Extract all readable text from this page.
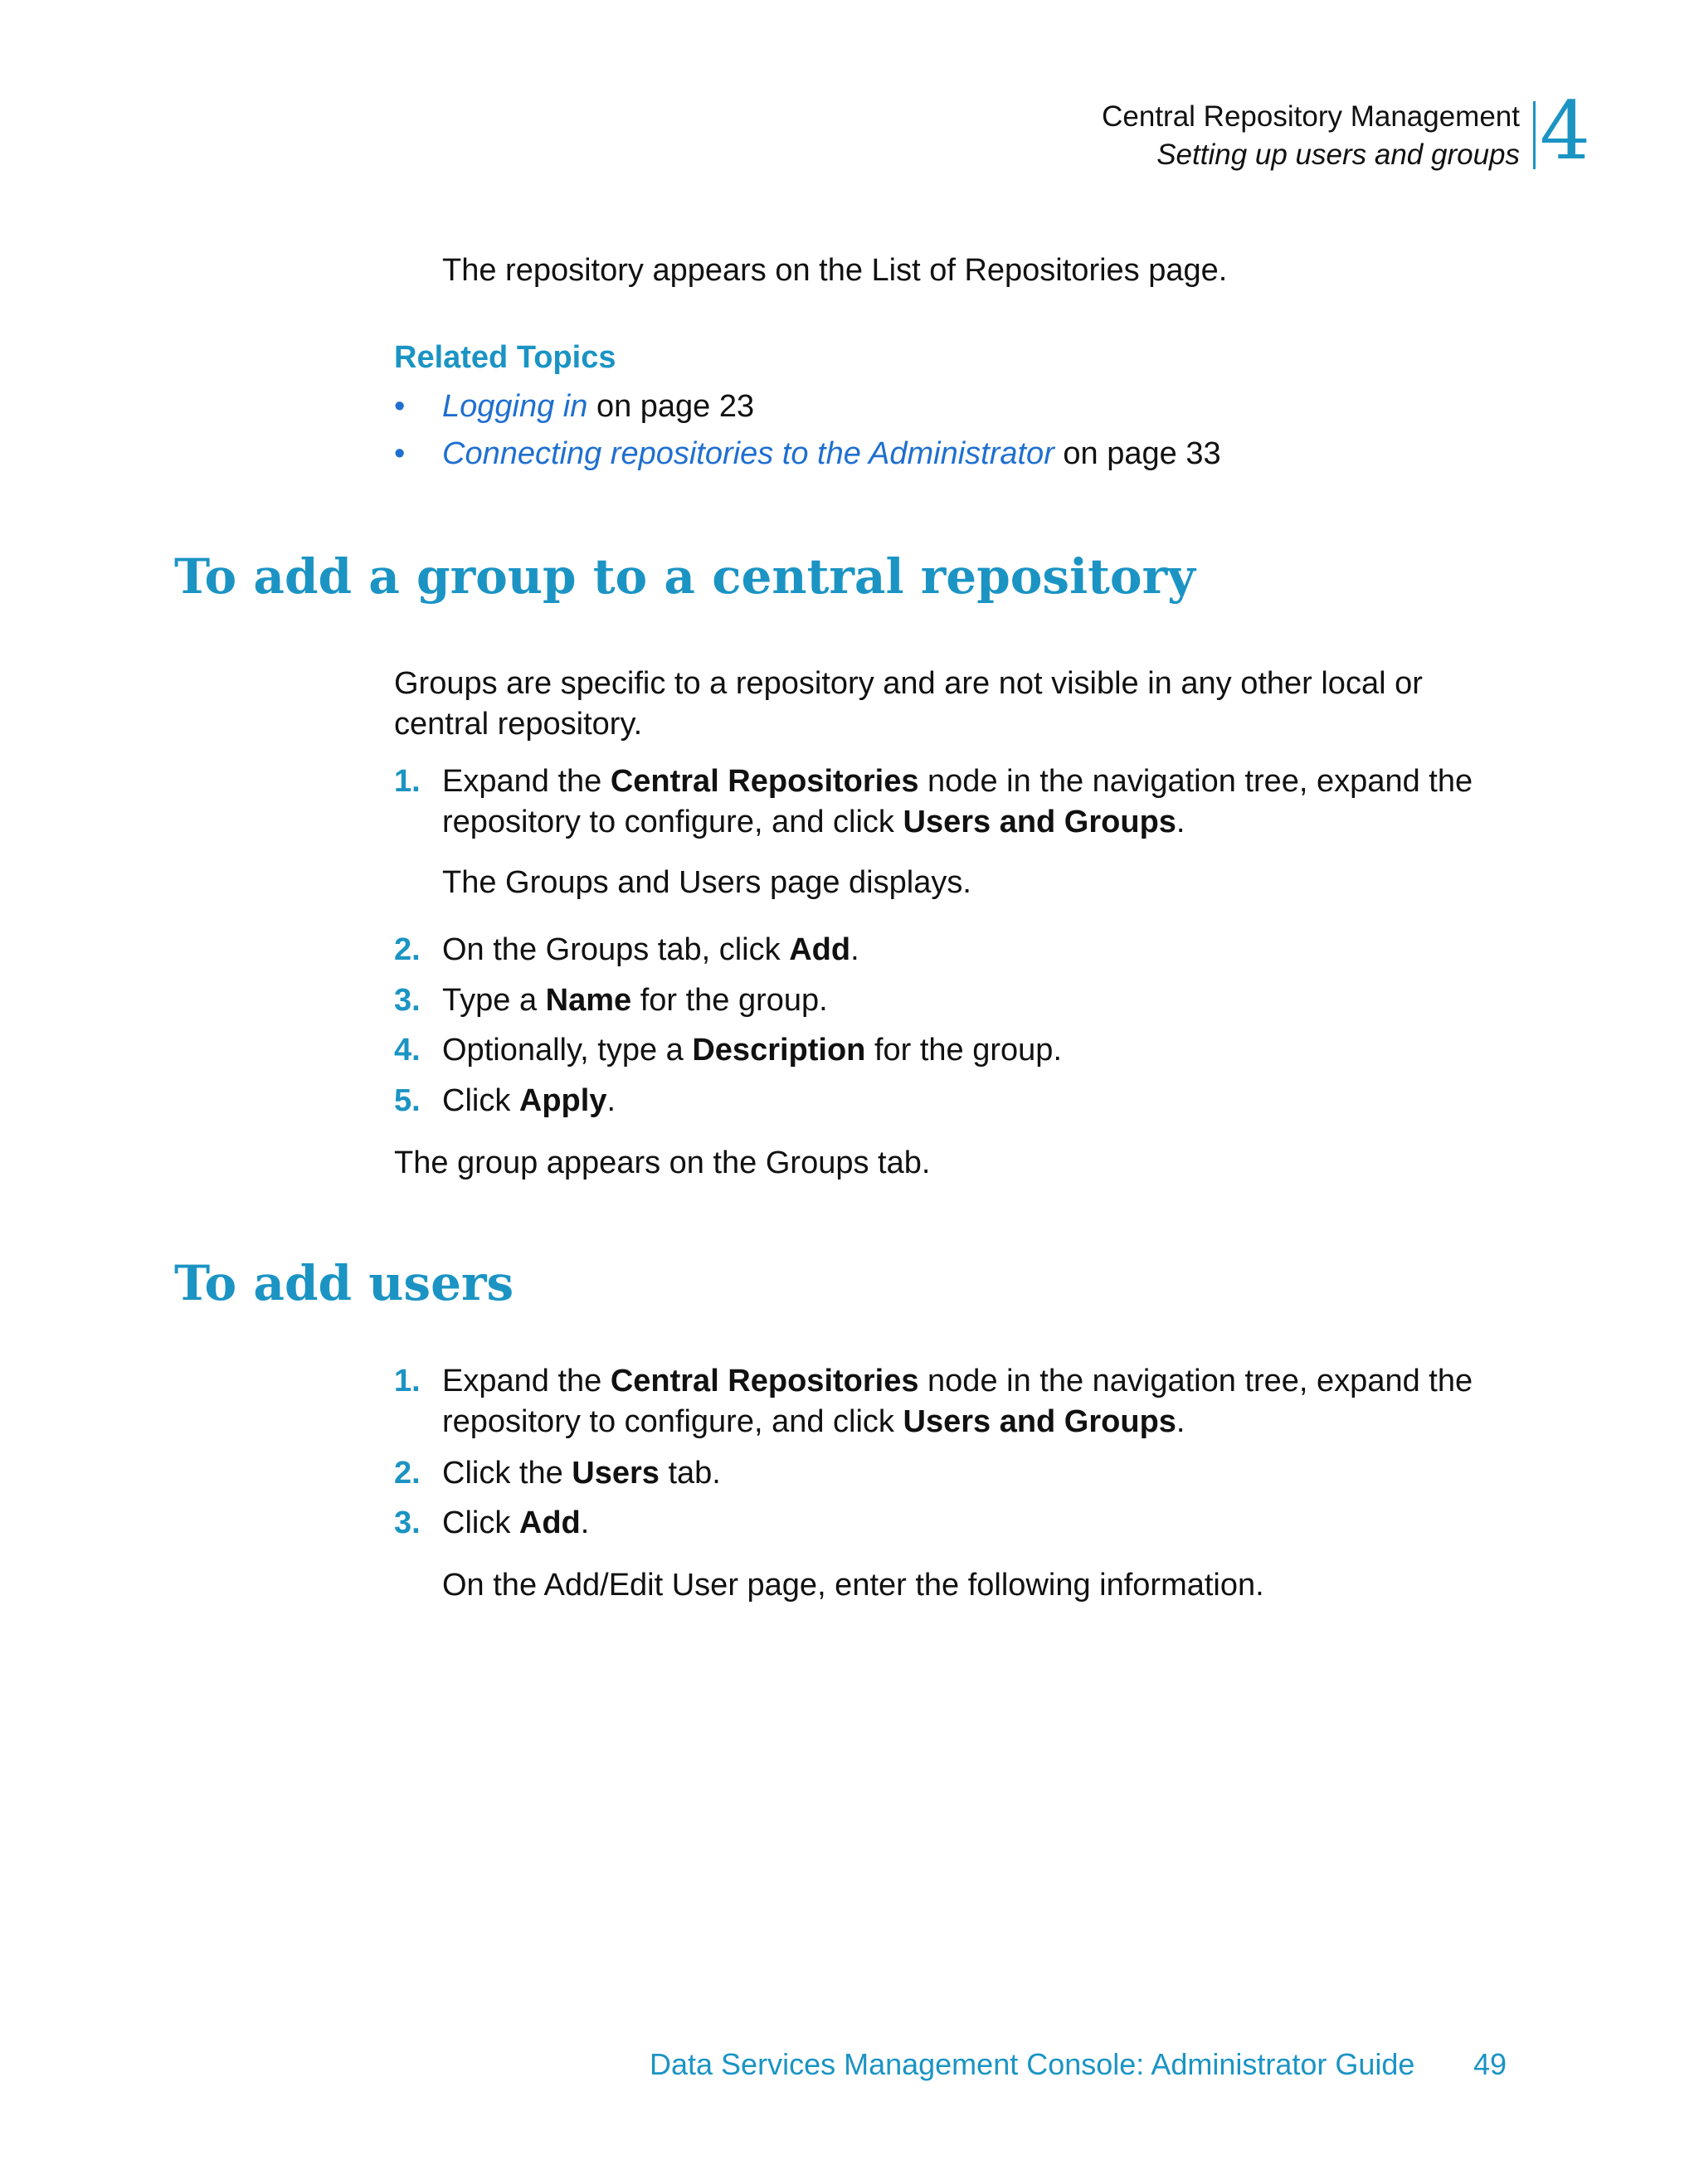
Central Repository Management
Setting up users and groups 4
The repository appears on the List of Repositories page.
Related Topics
• Logging in on page 23
• Connecting repositories to the Administrator on page 33
To add a group to a central repository
Groups are specific to a repository and are not visible in any other local or central repository.
1. Expand the Central Repositories node in the navigation tree, expand the repository to configure, and click Users and Groups.
The Groups and Users page displays.
2. On the Groups tab, click Add.
3. Type a Name for the group.
4. Optionally, type a Description for the group.
5. Click Apply.
The group appears on the Groups tab.
To add users
1. Expand the Central Repositories node in the navigation tree, expand the repository to configure, and click Users and Groups.
2. Click the Users tab.
3. Click Add.
On the Add/Edit User page, enter the following information.
Data Services Management Console: Administrator Guide 49
